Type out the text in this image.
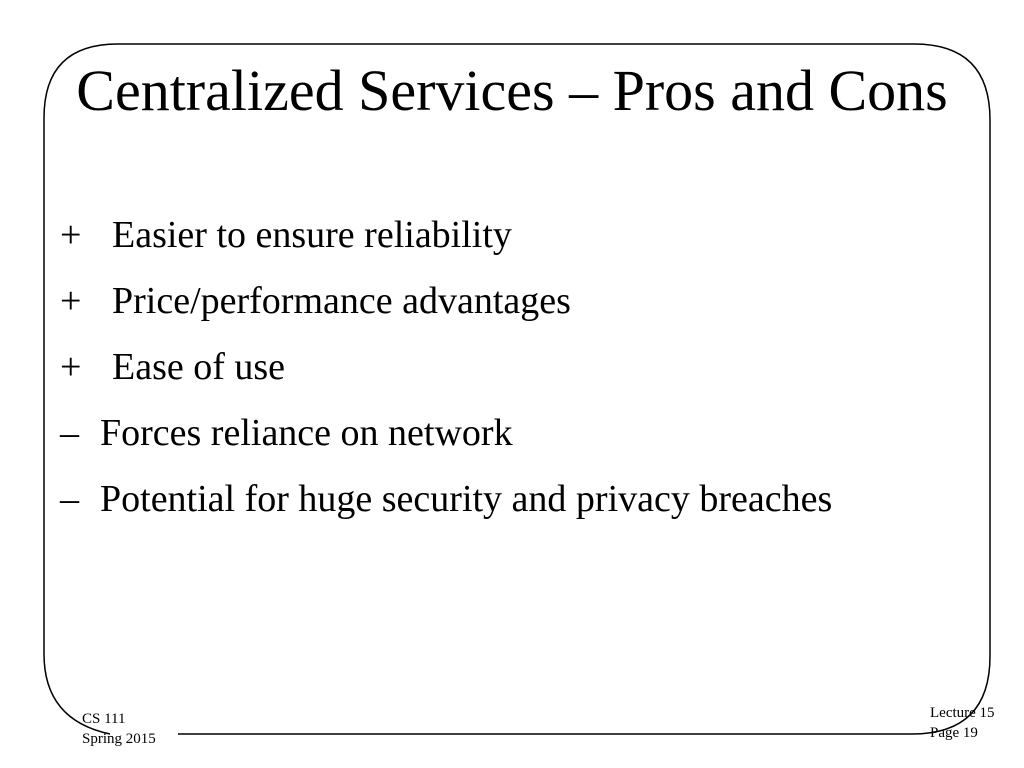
Centralized Services – Pros and Cons
+ Easier to ensure reliability
+ Price/performance advantages
+ Ease of use
– Forces reliance on network
– Potential for huge security and privacy breaches
CS 111
Spring 2015
Lecture 15
Page 19
